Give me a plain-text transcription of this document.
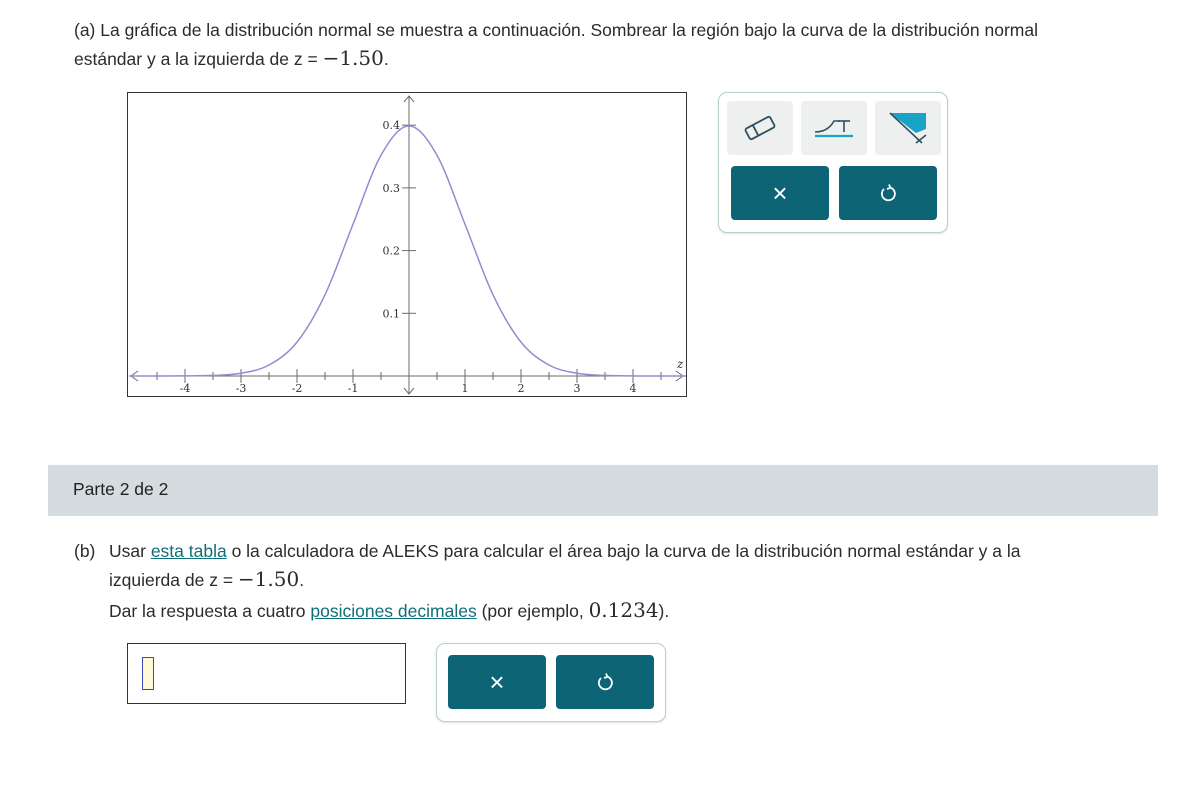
(a) La gráfica de la distribución normal se muestra a continuación. Sombrear la región bajo la curva de la distribución normal
estándar y a la izquierda de z = −1.50.
-4	-3	-2	-1	1	2	3	4
0.1
0.2
0.3
0.4
z
×
Parte 2 de 2
(b) Usar esta tabla o la calculadora de ALEKS para calcular el área bajo la curva de la distribución normal estándar y a la
izquierda de z = −1.50.
Dar la respuesta a cuatro posiciones decimales (por ejemplo, 0.1234).
×
